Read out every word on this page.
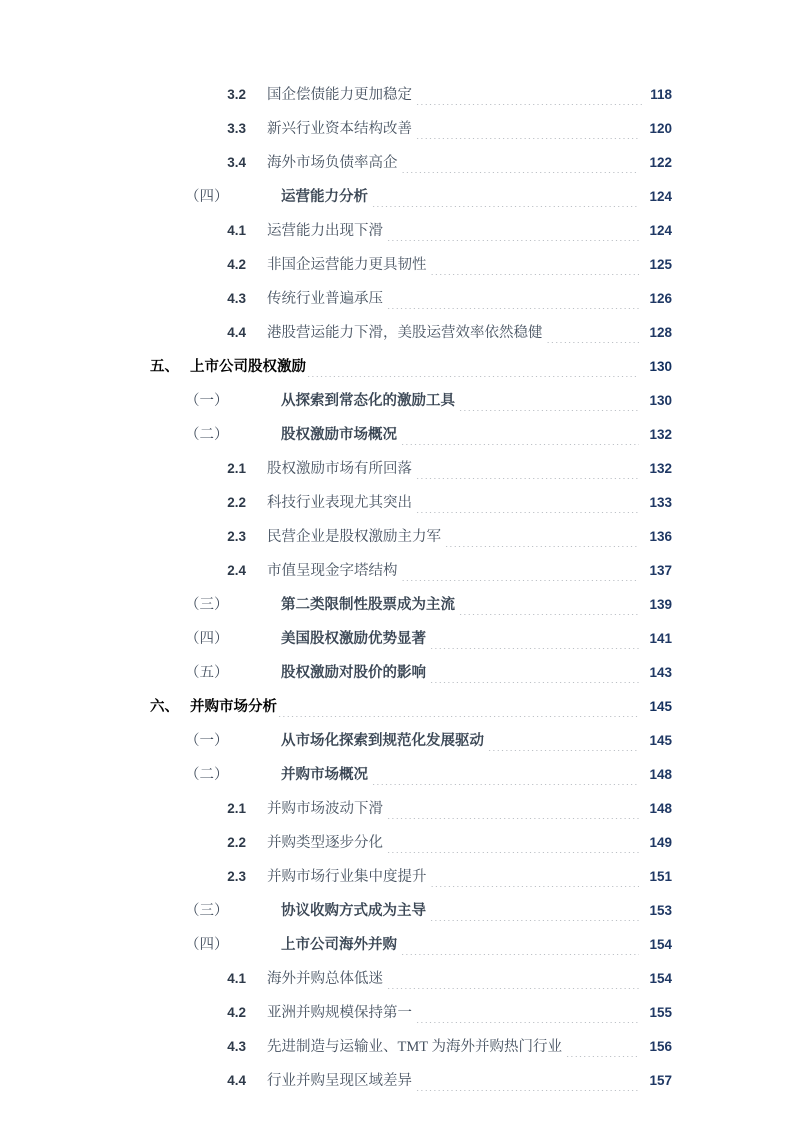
3.2	国企偿债能力更加稳定 .....	118
3.3	新兴行业资本结构改善 .....	120
3.4	海外市场负债率高企 .....	122
（四）	运营能力分析 .....	124
4.1	运营能力出现下滑 .....	124
4.2	非国企运营能力更具韧性 .....	125
4.3	传统行业普遍承压 .....	126
4.4	港股营运能力下滑，美股运营效率依然稳健 .....	128
五、 上市公司股权激励 .....	130
（一）	从探索到常态化的激励工具 .....	130
（二）	股权激励市场概况 .....	132
2.1	股权激励市场有所回落 .....	132
2.2	科技行业表现尤其突出 .....	133
2.3	民营企业是股权激励主力军 .....	136
2.4	市值呈现金字塔结构 .....	137
（三）	第二类限制性股票成为主流 .....	139
（四）	美国股权激励优势显著 .....	141
（五）	股权激励对股价的影响 .....	143
六、 并购市场分析 .....	145
（一）	从市场化探索到规范化发展驱动 .....	145
（二）	并购市场概况 .....	148
2.1	并购市场波动下滑 .....	148
2.2	并购类型逐步分化 .....	149
2.3	并购市场行业集中度提升 .....	151
（三）	协议收购方式成为主导 .....	153
（四）	上市公司海外并购 .....	154
4.1	海外并购总体低迷 .....	154
4.2	亚洲并购规模保持第一 .....	155
4.3	先进制造与运输业、TMT 为海外并购热门行业 .....	156
4.4	行业并购呈现区域差异 .....	157
